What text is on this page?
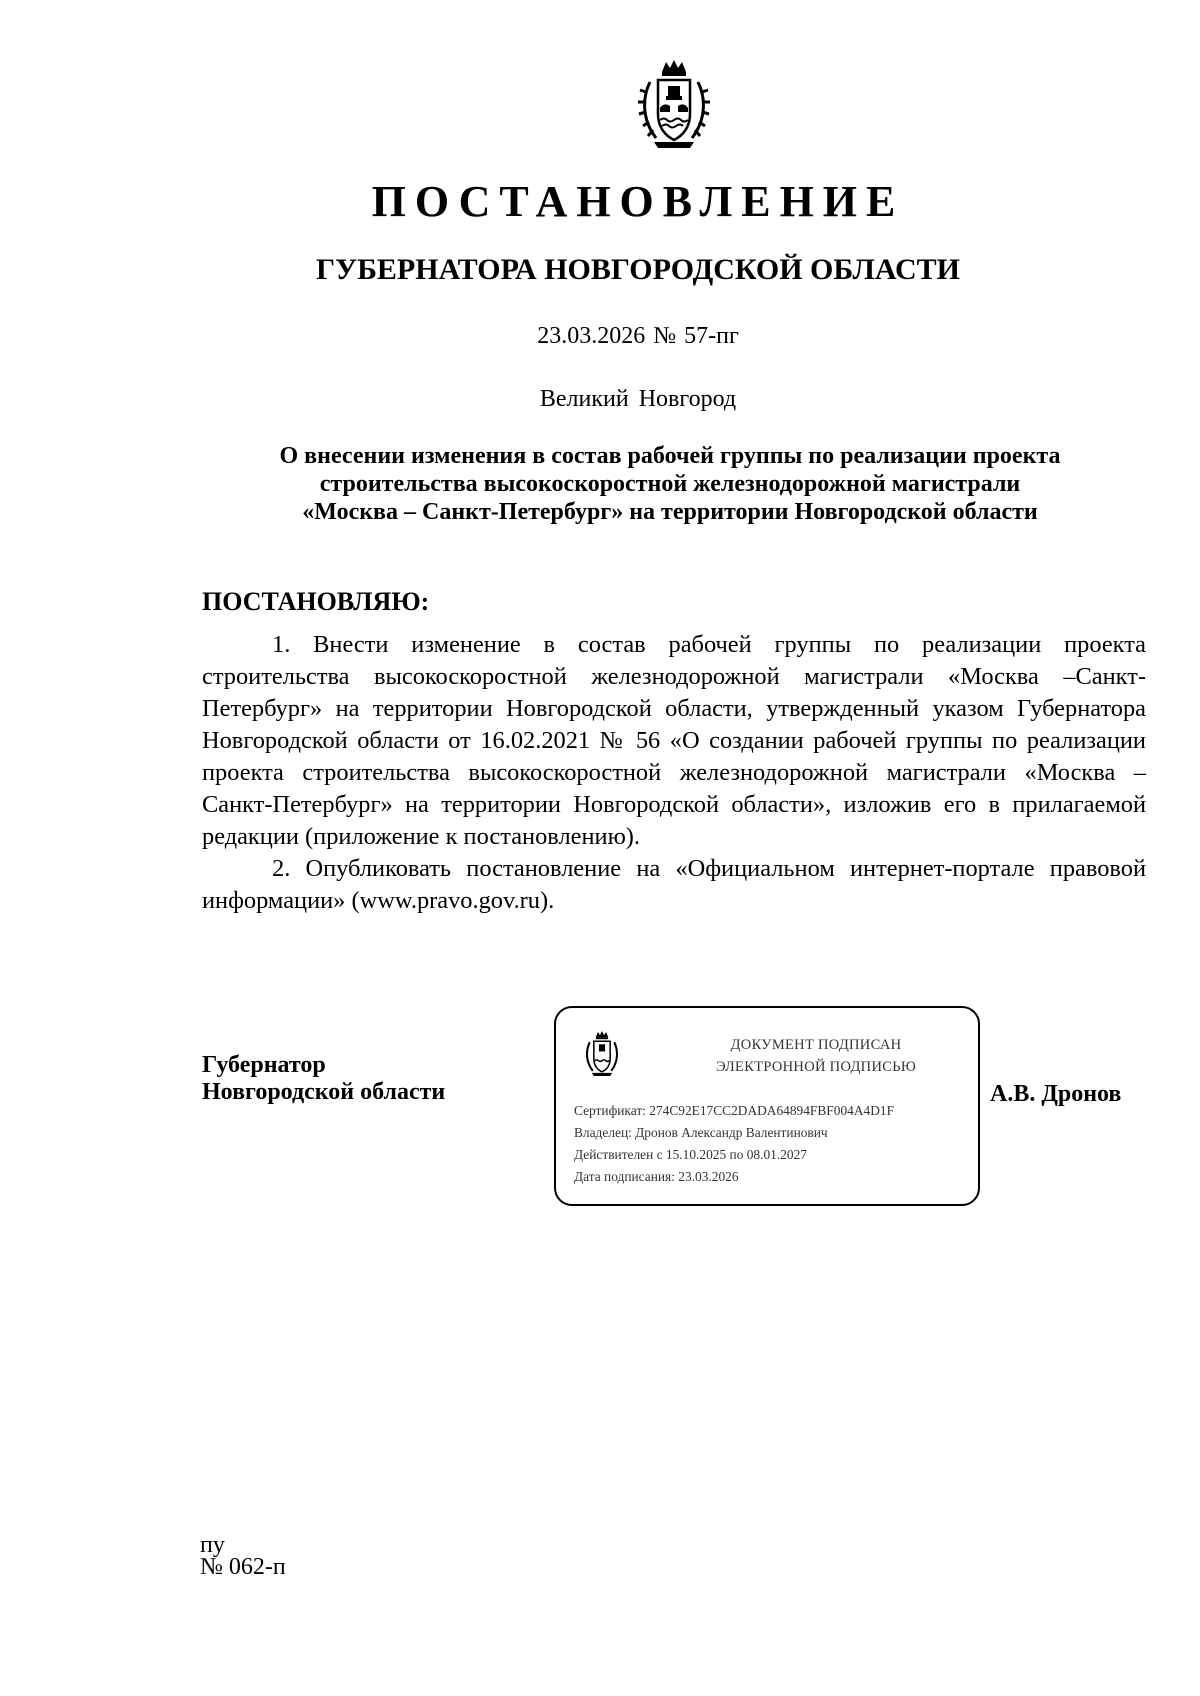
ПОСТАНОВЛЕНИЕ
ГУБЕРНАТОРА НОВГОРОДСКОЙ ОБЛАСТИ
23.03.2026 № 57-пг
Великий Новгород
О внесении изменения в состав рабочей группы по реализации проекта
строительства высокоскоростной железнодорожной магистрали
«Москва – Санкт-Петербург» на территории Новгородской области
ПОСТАНОВЛЯЮ:

1. Внести изменение в состав рабочей группы по реализации проекта строительства высокоскоростной железнодорожной магистрали «Москва –Санкт-Петербург» на территории Новгородской области, утвержденный указом Губернатора Новгородской области от 16.02.2021 № 56 «О создании рабочей группы по реализации проекта строительства высокоскоростной железнодорожной магистрали «Москва – Санкт-Петербург» на территории Новгородской области», изложив его в прилагаемой редакции (приложение к постановлению).

2. Опубликовать постановление на «Официальном интернет-портале правовой информации» (www.pravo.gov.ru).

Губернатор
Новгородской области
ДОКУМЕНТ ПОДПИСАН
ЭЛЕКТРОННОЙ ПОДПИСЬЮ
Сертификат: 274C92E17CC2DADA64894FBF004A4D1F
Владелец: Дронов Александр Валентинович
Действителен с 15.10.2025 по 08.01.2027
Дата подписания: 23.03.2026
А.В. Дронов
пу
№ 062-п
